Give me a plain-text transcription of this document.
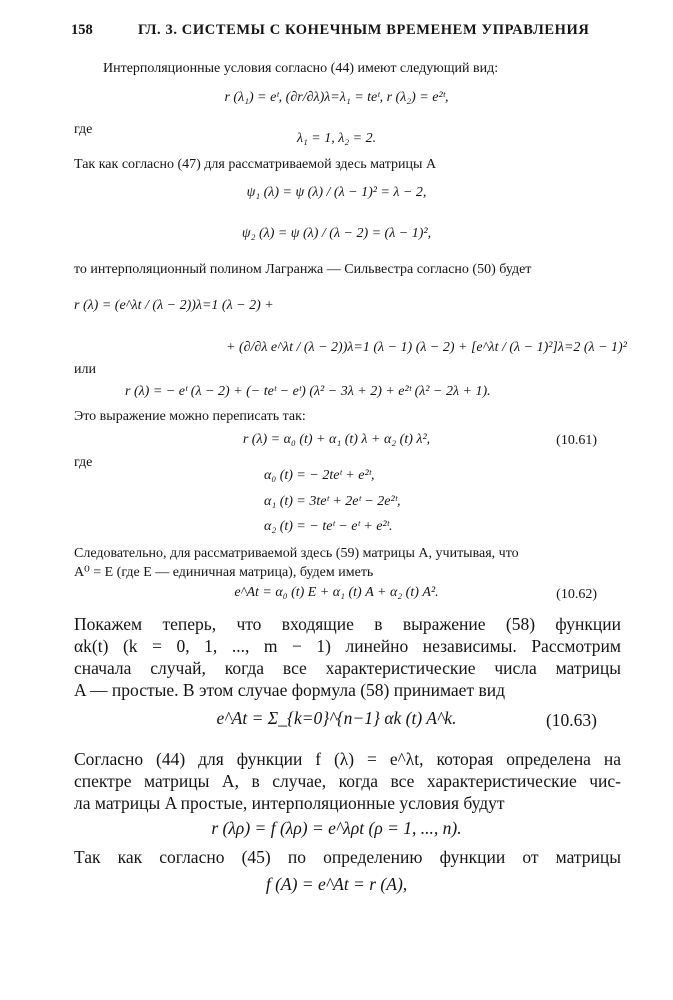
158	ГЛ. 3. СИСТЕМЫ С КОНЕЧНЫМ ВРЕМЕНЕМ УПРАВЛЕНИЯ
Интерполяционные условия согласно (44) имеют следующий вид:
r (λ₁) = eᵗ, (∂r/∂λ)λ=λ₁ = teᵗ, r (λ₂) = e²ᵗ,
где
λ₁ = 1, λ₂ = 2.
Так как согласно (47) для рассматриваемой здесь матрицы A
ψ₁ (λ) = ψ (λ) / (λ − 1)² = λ − 2,
ψ₂ (λ) = ψ (λ) / (λ − 2) = (λ − 1)²,
то интерполяционный полином Лагранжа — Сильвестра согласно (50) будет
r (λ) = (e^λt / (λ − 2))λ=1 (λ − 2) +
+ (∂/∂λ e^λt / (λ − 2))λ=1 (λ − 1) (λ − 2) + [e^λt / (λ − 1)²]λ=2 (λ − 1)²
или
r (λ) = − eᵗ (λ − 2) + (− teᵗ − eᵗ) (λ² − 3λ + 2) + e²ᵗ (λ² − 2λ + 1).
Это выражение можно переписать так:
r (λ) = α₀ (t) + α₁ (t) λ + α₂ (t) λ²,	(10.61)
где
α₀ (t) = − 2teᵗ + e²ᵗ,
α₁ (t) = 3teᵗ + 2eᵗ − 2e²ᵗ,
α₂ (t) = − teᵗ − eᵗ + e²ᵗ.
Следовательно, для рассматриваемой здесь (59) матрицы A, учитывая, что
A⁰ = E (где E — единичная матрица), будем иметь
e^At = α₀ (t) E + α₁ (t) A + α₂ (t) A².	(10.62)
Покажем теперь, что входящие в выражение (58) функции
αk(t) (k = 0, 1, ..., m − 1) линейно независимы. Рассмотрим
сначала случай, когда все характеристические числа матрицы
A — простые. В этом случае формула (58) принимает вид
e^At = Σ_{k=0}^{n−1} αk (t) A^k.	(10.63)
Согласно (44) для функции f (λ) = e^λt, которая определена на
спектре матрицы A, в случае, когда все характеристические чис-
ла матрицы A простые, интерполяционные условия будут
r (λρ) = f (λρ) = e^λρt (ρ = 1, ..., n).
Так как согласно (45) по определению функции от матрицы
f (A) = e^At = r (A),
